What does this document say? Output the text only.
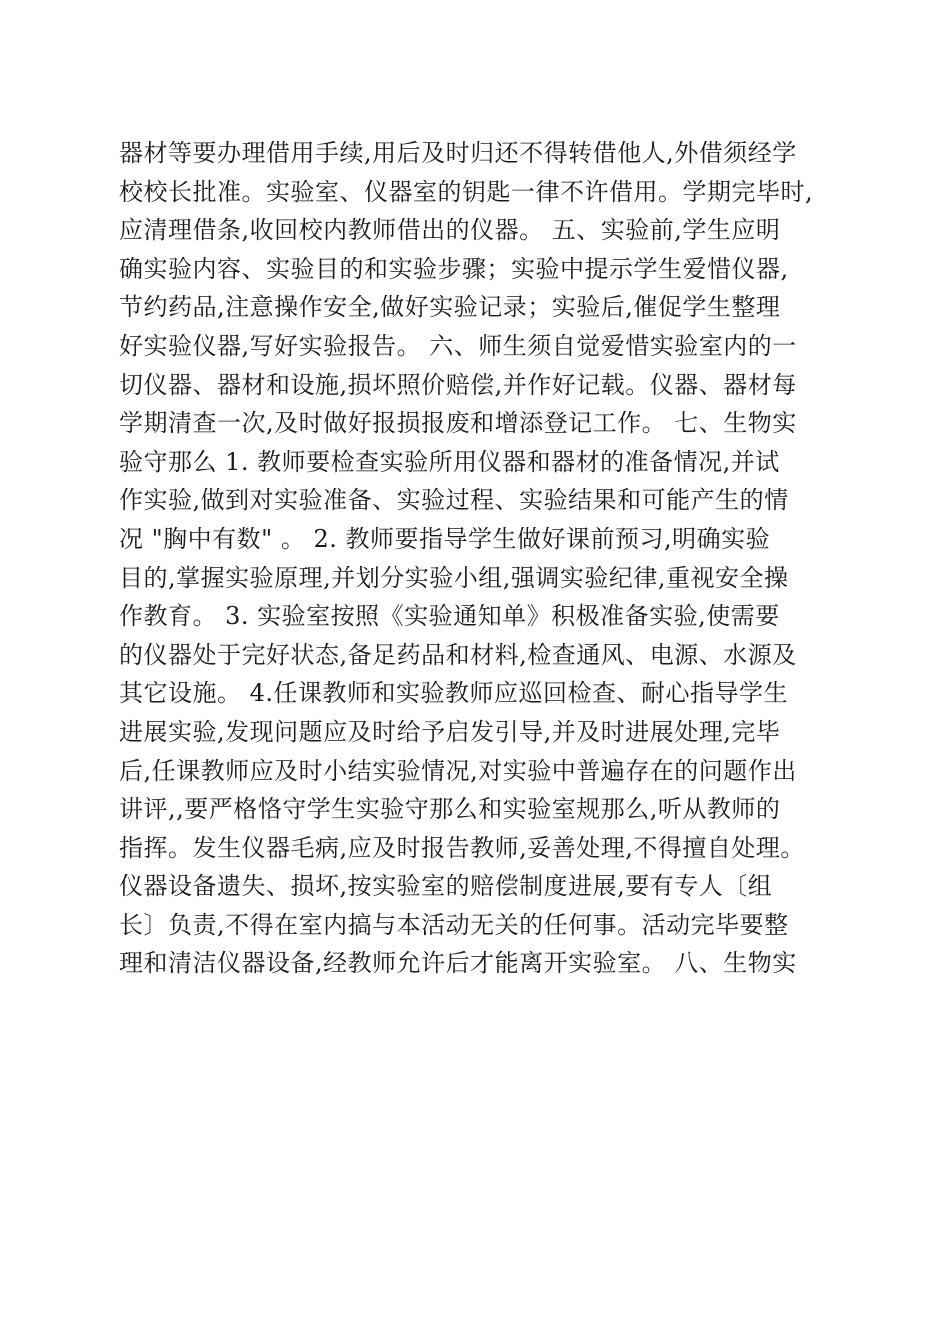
器材等要办理借用手续,用后及时归还不得转借他人,外借须经学
校校长批准。实验室、仪器室的钥匙一律不许借用。学期完毕时,
应清理借条,收回校内教师借出的仪器。 五、实验前,学生应明
确实验内容、实验目的和实验步骤；实验中提示学生爱惜仪器,
节约药品,注意操作安全,做好实验记录；实验后,催促学生整理
好实验仪器,写好实验报告。 六、师生须自觉爱惜实验室内的一
切仪器、器材和设施,损坏照价赔偿,并作好记载。仪器、器材每
学期清查一次,及时做好报损报废和增添登记工作。 七、生物实
验守那么 1. 教师要检查实验所用仪器和器材的准备情况,并试
作实验,做到对实验准备、实验过程、实验结果和可能产生的情
况 "胸中有数" 。 2. 教师要指导学生做好课前预习,明确实验
目的,掌握实验原理,并划分实验小组,强调实验纪律,重视安全操
作教育。 3. 实验室按照《实验通知单》积极准备实验,使需要
的仪器处于完好状态,备足药品和材料,检查通风、电源、水源及
其它设施。 4.任课教师和实验教师应巡回检查、耐心指导学生
进展实验,发现问题应及时给予启发引导,并及时进展处理,完毕
后,任课教师应及时小结实验情况,对实验中普遍存在的问题作出
讲评,,要严格恪守学生实验守那么和实验室规那么,听从教师的
指挥。发生仪器毛病,应及时报告教师,妥善处理,不得擅自处理。
仪器设备遗失、损坏,按实验室的赔偿制度进展,要有专人〔组
长〕负责,不得在室内搞与本活动无关的任何事。活动完毕要整
理和清洁仪器设备,经教师允许后才能离开实验室。 八、生物实
